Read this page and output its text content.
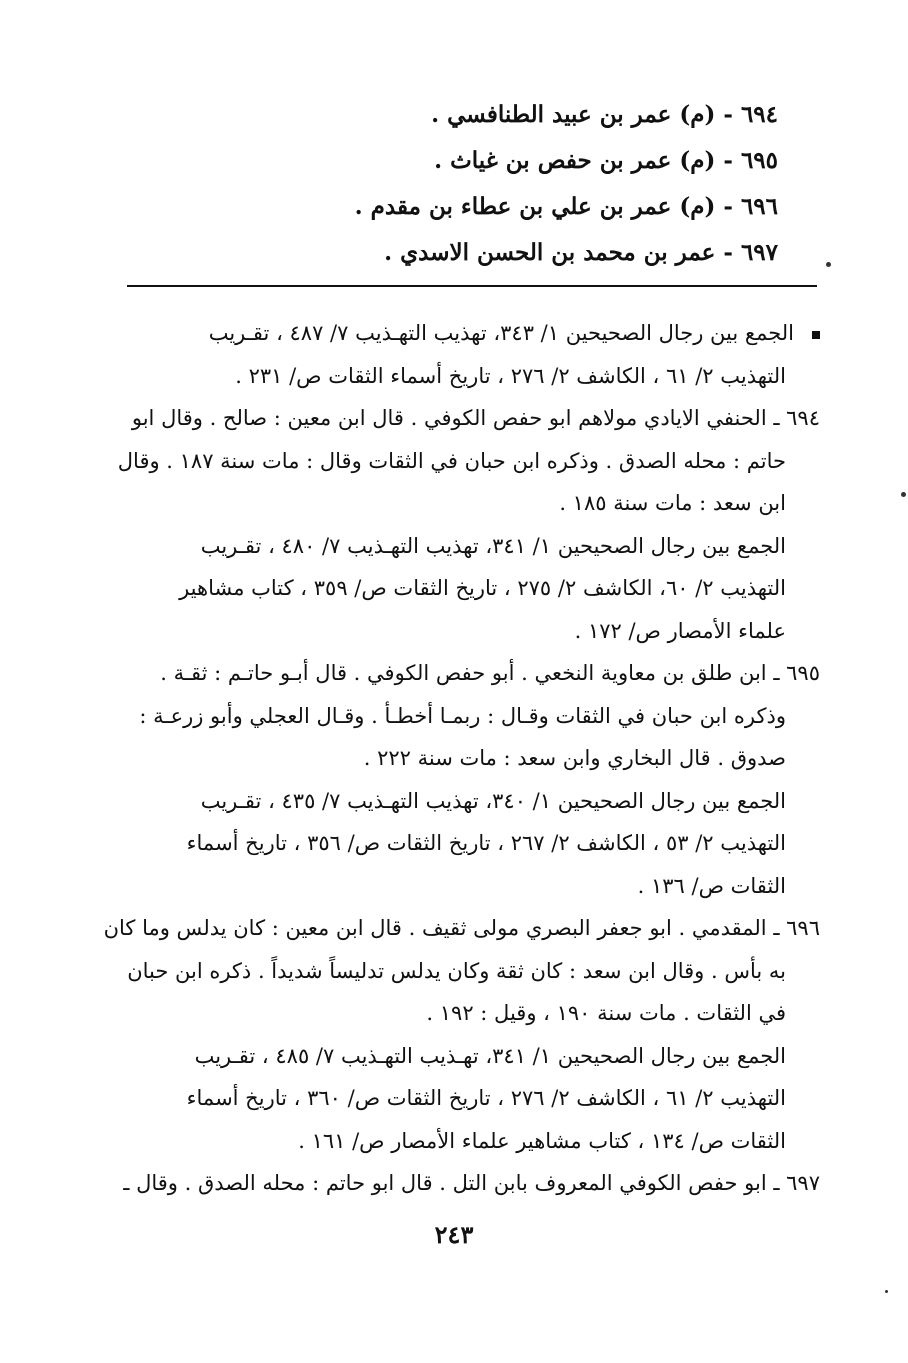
٦٩٤ - (م) عمر بن عبيد الطنافسي .
٦٩٥ - (م) عمر بن حفص بن غياث .
٦٩٦ - (م) عمر بن علي بن عطاء بن مقدم .
٦٩٧ - عمر بن محمد بن الحسن الاسدي .
الجمع بين رجال الصحيحين ١/ ٣٤٣، تهذيب التهـذيب ٧/ ٤٨٧ ، تقـريب
التهذيب ٢/ ٦١ ، الكاشف ٢/ ٢٧٦ ، تاريخ أسماء الثقات ص/ ٢٣١ .
٦٩٤ ـ الحنفي الايادي مولاهم ابو حفص الكوفي . قال ابن معين : صالح . وقال ابو
حاتم : محله الصدق . وذكره ابن حبان في الثقات وقال : مات سنة ١٨٧ . وقال
ابن سعد : مات سنة ١٨٥ .
الجمع بين رجال الصحيحين ١/ ٣٤١، تهذيب التهـذيب ٧/ ٤٨٠ ، تقـريب
التهذيب ٢/ ٦٠، الكاشف ٢/ ٢٧٥ ، تاريخ الثقات ص/ ٣٥٩ ، كتاب مشاهير
علماء الأمصار ص/ ١٧٢ .
٦٩٥ ـ ابن طلق بن معاوية النخعي . أبو حفص الكوفي . قال أبـو حاتـم : ثقـة .
وذكره ابن حبان في الثقات وقـال : ربمـا أخطـأ . وقـال العجلي وأبو زرعـة :
صدوق . قال البخاري وابن سعد : مات سنة ٢٢٢ .
الجمع بين رجال الصحيحين ١/ ٣٤٠، تهذيب التهـذيب ٧/ ٤٣٥ ، تقـريب
التهذيب ٢/ ٥٣ ، الكاشف ٢/ ٢٦٧ ، تاريخ الثقات ص/ ٣٥٦ ، تاريخ أسماء
الثقات ص/ ١٣٦ .
٦٩٦ ـ المقدمي . ابو جعفر البصري مولى ثقيف . قال ابن معين : كان يدلس وما كان
به بأس . وقال ابن سعد : كان ثقة وكان يدلس تدليساً شديداً . ذكره ابن حبان
في الثقات . مات سنة ١٩٠ ، وقيل : ١٩٢ .
الجمع بين رجال الصحيحين ١/ ٣٤١، تهـذيب التهـذيب ٧/ ٤٨٥ ، تقـريب
التهذيب ٢/ ٦١ ، الكاشف ٢/ ٢٧٦ ، تاريخ الثقات ص/ ٣٦٠ ، تاريخ أسماء
الثقات ص/ ١٣٤ ، كتاب مشاهير علماء الأمصار ص/ ١٦١ .
٦٩٧ ـ ابو حفص الكوفي المعروف بابن التل . قال ابو حاتم : محله الصدق . وقال ـ
٢٤٣
